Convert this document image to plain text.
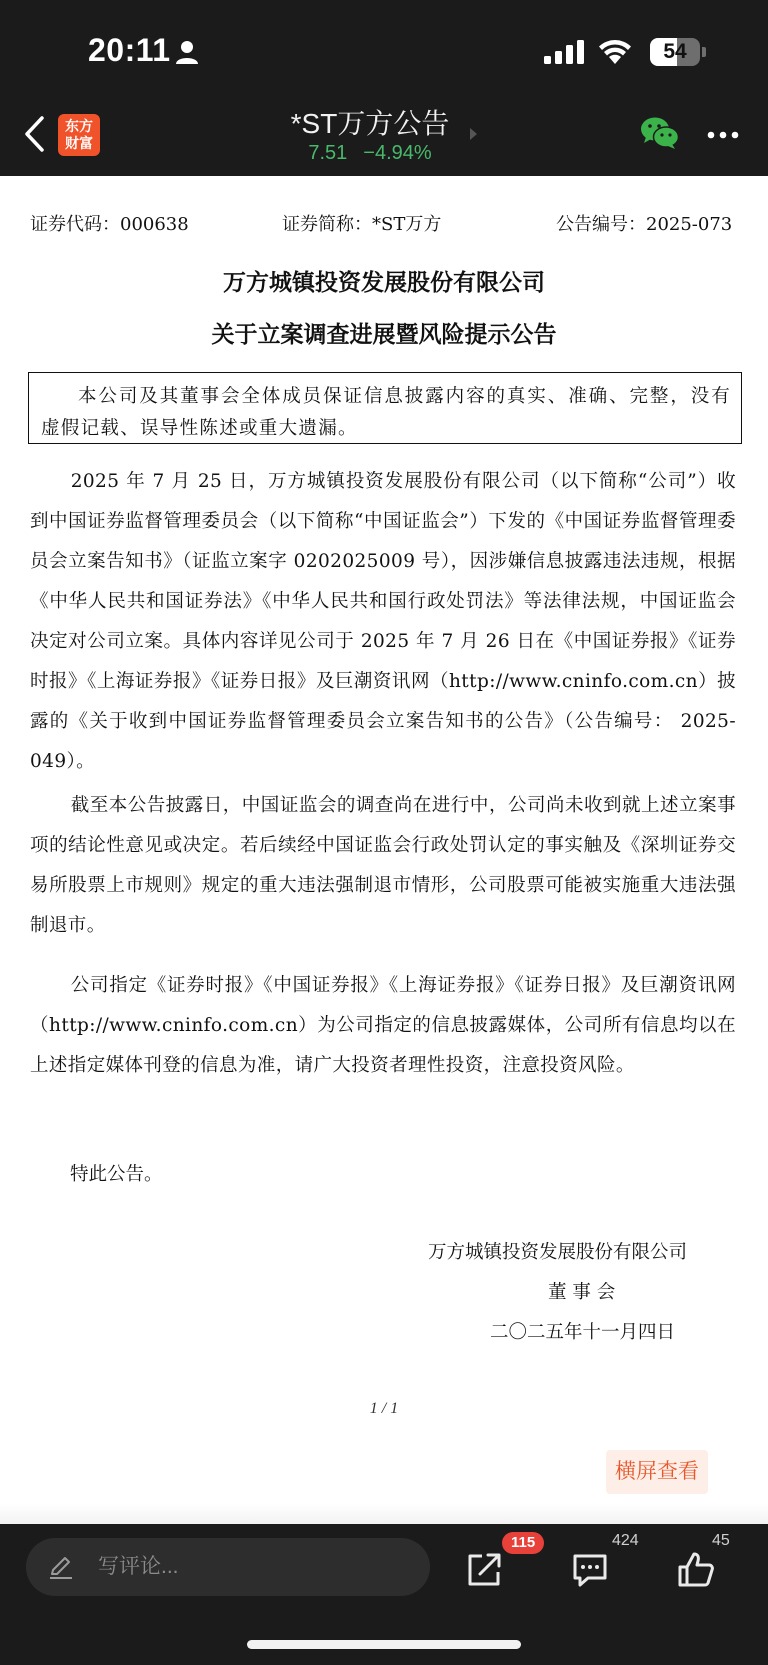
20:11	54
东方
财富
*ST万方公告
7.51 −4.94%
证券代码：000638	证券简称：*ST万方	公告编号：2025-073
万方城镇投资发展股份有限公司
关于立案调查进展暨风险提示公告
本公司及其董事会全体成员保证信息披露内容的真实、准确、完整，没有虚假记载、误导性陈述或重大遗漏。
2025 年 7 月 25 日，万方城镇投资发展股份有限公司（以下简称“公司”）收到中国证券监督管理委员会（以下简称“中国证监会”）下发的《中国证券监督管理委员会立案告知书》（证监立案字 0202025009 号），因涉嫌信息披露违法违规，根据《中华人民共和国证券法》《中华人民共和国行政处罚法》等法律法规，中国证监会决定对公司立案。具体内容详见公司于 2025 年 7 月 26 日在《中国证券报》《证券时报》《上海证券报》《证券日报》及巨潮资讯网（http://www.cninfo.com.cn）披露的《关于收到中国证券监督管理委员会立案告知书的公告》（公告编号： 2025-049）。
截至本公告披露日，中国证监会的调查尚在进行中，公司尚未收到就上述立案事项的结论性意见或决定。若后续经中国证监会行政处罚认定的事实触及《深圳证券交易所股票上市规则》规定的重大违法强制退市情形，公司股票可能被实施重大违法强制退市。
公司指定《证券时报》《中国证券报》《上海证券报》《证券日报》及巨潮资讯网（http://www.cninfo.com.cn）为公司指定的信息披露媒体，公司所有信息均以在上述指定媒体刊登的信息为准，请广大投资者理性投资，注意投资风险。
特此公告。
万方城镇投资发展股份有限公司
董 事 会
二〇二五年十一月四日
1 / 1
横屏查看
写评论...
115	424	45
